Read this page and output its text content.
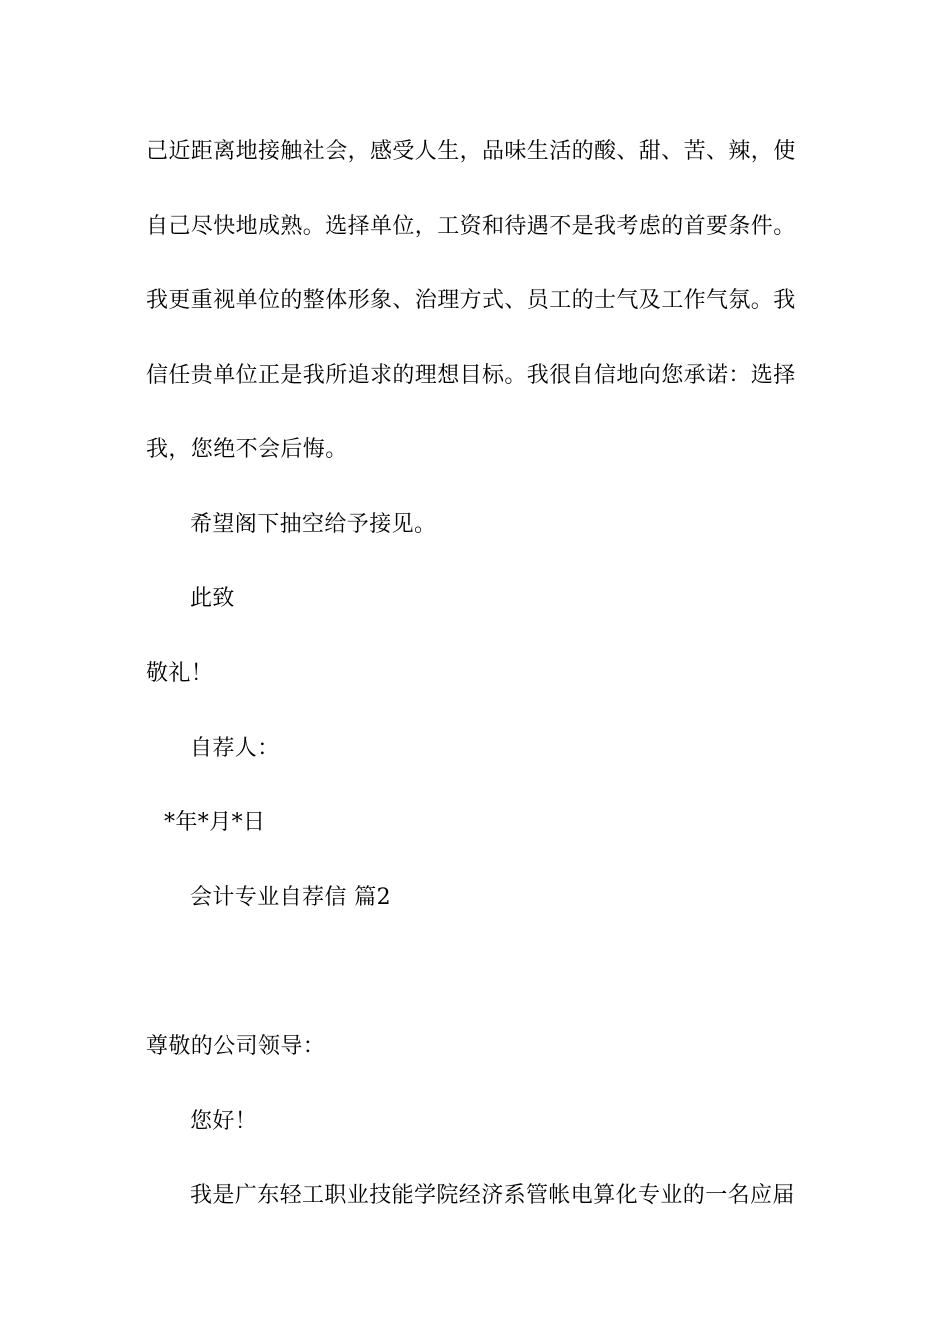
己近距离地接触社会，感受人生，品味生活的酸、甜、苦、辣，使
自己尽快地成熟。选择单位，工资和待遇不是我考虑的首要条件。
我更重视单位的整体形象、治理方式、员工的士气及工作气氛。我
信任贵单位正是我所追求的理想目标。我很自信地向您承诺：选择
我，您绝不会后悔。
希望阁下抽空给予接见。
此致
敬礼！
自荐人：
*年*月*日
会计专业自荐信 篇2
尊敬的公司领导：
您好！
我是广东轻工职业技能学院经济系管帐电算化专业的一名应届
